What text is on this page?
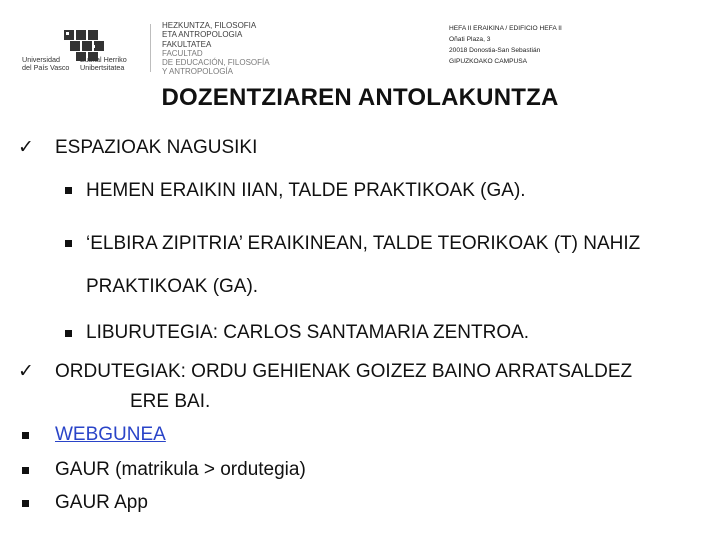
Universidad
del País Vasco
Euskal Herriko
Unibertsitatea
HEZKUNTZA, FILOSOFIA
ETA ANTROPOLOGIA
FAKULTATEA
FACULTAD
DE EDUCACIÓN, FILOSOFÍA
Y ANTROPOLOGÍA
HEFA II ERAIKINA / EDIFICIO HEFA II
Oñati Plaza, 3
20018 Donostia-San Sebastián
GIPUZKOAKO CAMPUSA
DOZENTZIAREN ANTOLAKUNTZA
✓ ESPAZIOAK NAGUSIKI
HEMEN ERAIKIN IIAN, TALDE PRAKTIKOAK (GA).
‘ELBIRA ZIPITRIA’ ERAIKINEAN, TALDE TEORIKOAK (T) NAHIZ
PRAKTIKOAK (GA).
LIBURUTEGIA: CARLOS SANTAMARIA ZENTROA.
✓ ORDUTEGIAK: ORDU GEHIENAK GOIZEZ BAINO ARRATSALDEZ
ERE BAI.
WEBGUNEA
GAUR (matrikula > ordutegia)
GAUR App
